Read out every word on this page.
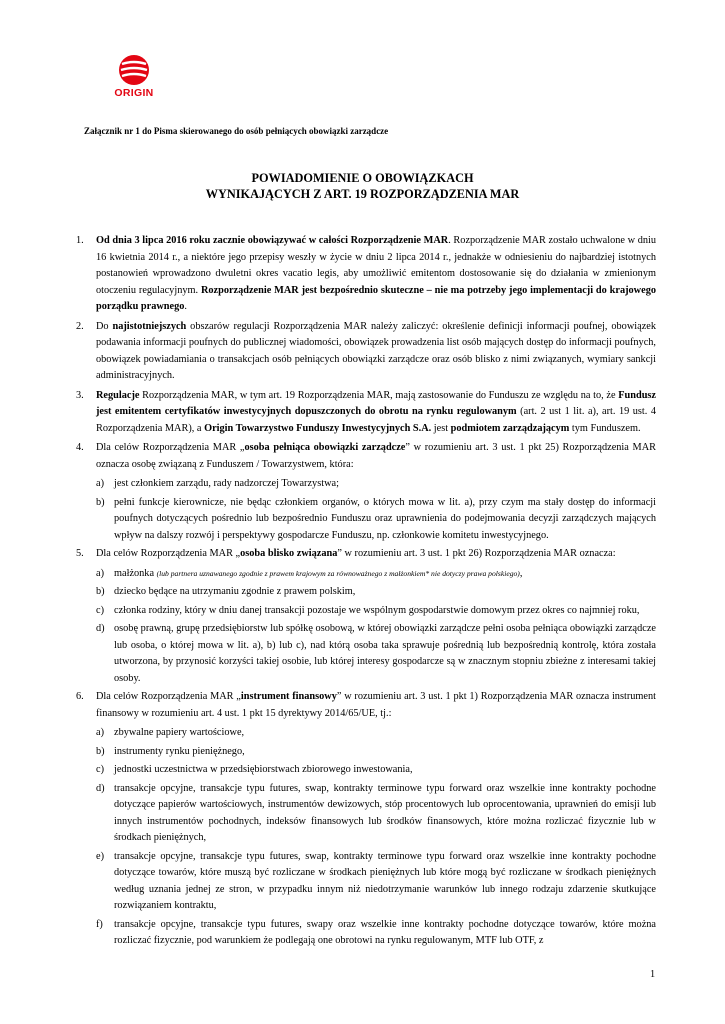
ORIGIN
Załącznik nr 1 do Pisma skierowanego do osób pełniących obowiązki zarządcze
POWIADOMIENIE O OBOWIĄZKACH
WYNIKAJĄCYCH Z ART. 19 ROZPORZĄDZENIA MAR
1. Od dnia 3 lipca 2016 roku zacznie obowiązywać w całości Rozporządzenie MAR. Rozporządzenie MAR zostało uchwalone w dniu 16 kwietnia 2014 r., a niektóre jego przepisy weszły w życie w dniu 2 lipca 2014 r., jednakże w odniesieniu do najbardziej istotnych postanowień wprowadzono dwuletni okres vacatio legis, aby umożliwić emitentom dostosowanie się do działania w zmienionym otoczeniu regulacyjnym. Rozporządzenie MAR jest bezpośrednio skuteczne – nie ma potrzeby jego implementacji do krajowego porządku prawnego.
2. Do najistotniejszych obszarów regulacji Rozporządzenia MAR należy zaliczyć: określenie definicji informacji poufnej, obowiązek podawania informacji poufnych do publicznej wiadomości, obowiązek prowadzenia list osób mających dostęp do informacji poufnych, obowiązek powiadamiania o transakcjach osób pełniących obowiązki zarządcze oraz osób blisko z nimi związanych, wymiary sankcji administracyjnych.
3. Regulacje Rozporządzenia MAR, w tym art. 19 Rozporządzenia MAR, mają zastosowanie do Funduszu ze względu na to, że Fundusz jest emitentem certyfikatów inwestycyjnych dopuszczonych do obrotu na rynku regulowanym (art. 2 ust 1 lit. a), art. 19 ust. 4 Rozporządzenia MAR), a Origin Towarzystwo Funduszy Inwestycyjnych S.A. jest podmiotem zarządzającym tym Funduszem.
4. Dla celów Rozporządzenia MAR „osoba pełniąca obowiązki zarządcze” w rozumieniu art. 3 ust. 1 pkt 25) Rozporządzenia MAR oznacza osobę związaną z Funduszem / Towarzystwem, która:
a) jest członkiem zarządu, rady nadzorczej Towarzystwa;
b) pełni funkcje kierownicze, nie będąc członkiem organów, o których mowa w lit. a), przy czym ma stały dostęp do informacji poufnych dotyczących pośrednio lub bezpośrednio Funduszu oraz uprawnienia do podejmowania decyzji zarządczych mających wpływ na dalszy rozwój i perspektywy gospodarcze Funduszu, np. członkowie komitetu inwestycyjnego.
5. Dla celów Rozporządzenia MAR „osoba blisko związana” w rozumieniu art. 3 ust. 1 pkt 26) Rozporządzenia MAR oznacza:
a) małżonka (lub partnera uznawanego zgodnie z prawem krajowym za równoważnego z małżonkiem* nie dotyczy prawa polskiego),
b) dziecko będące na utrzymaniu zgodnie z prawem polskim,
c) członka rodziny, który w dniu danej transakcji pozostaje we wspólnym gospodarstwie domowym przez okres co najmniej roku,
d) osobę prawną, grupę przedsiębiorstw lub spółkę osobową, w której obowiązki zarządcze pełni osoba pełniąca obowiązki zarządcze lub osoba, o której mowa w lit. a), b) lub c), nad którą osoba taka sprawuje pośrednią lub bezpośrednią kontrolę, która została utworzona, by przynosić korzyści takiej osobie, lub której interesy gospodarcze są w znacznym stopniu zbieżne z interesami takiej osoby.
6. Dla celów Rozporządzenia MAR „instrument finansowy” w rozumieniu art. 3 ust. 1 pkt 1) Rozporządzenia MAR oznacza instrument finansowy w rozumieniu art. 4 ust. 1 pkt 15 dyrektywy 2014/65/UE, tj.:
a) zbywalne papiery wartościowe,
b) instrumenty rynku pieniężnego,
c) jednostki uczestnictwa w przedsiębiorstwach zbiorowego inwestowania,
d) transakcje opcyjne, transakcje typu futures, swap, kontrakty terminowe typu forward oraz wszelkie inne kontrakty pochodne dotyczące papierów wartościowych, instrumentów dewizowych, stóp procentowych lub oprocentowania, uprawnień do emisji lub innych instrumentów pochodnych, indeksów finansowych lub środków finansowych, które można rozliczać fizycznie lub w środkach pieniężnych,
e) transakcje opcyjne, transakcje typu futures, swap, kontrakty terminowe typu forward oraz wszelkie inne kontrakty pochodne dotyczące towarów, które muszą być rozliczane w środkach pieniężnych lub które mogą być rozliczane w środkach pieniężnych według uznania jednej ze stron, w przypadku innym niż niedotrzymanie warunków lub innego rodzaju zdarzenie skutkujące rozwiązaniem kontraktu,
f) transakcje opcyjne, transakcje typu futures, swapy oraz wszelkie inne kontrakty pochodne dotyczące towarów, które można rozliczać fizycznie, pod warunkiem że podlegają one obrotowi na rynku regulowanym, MTF lub OTF, z
1
